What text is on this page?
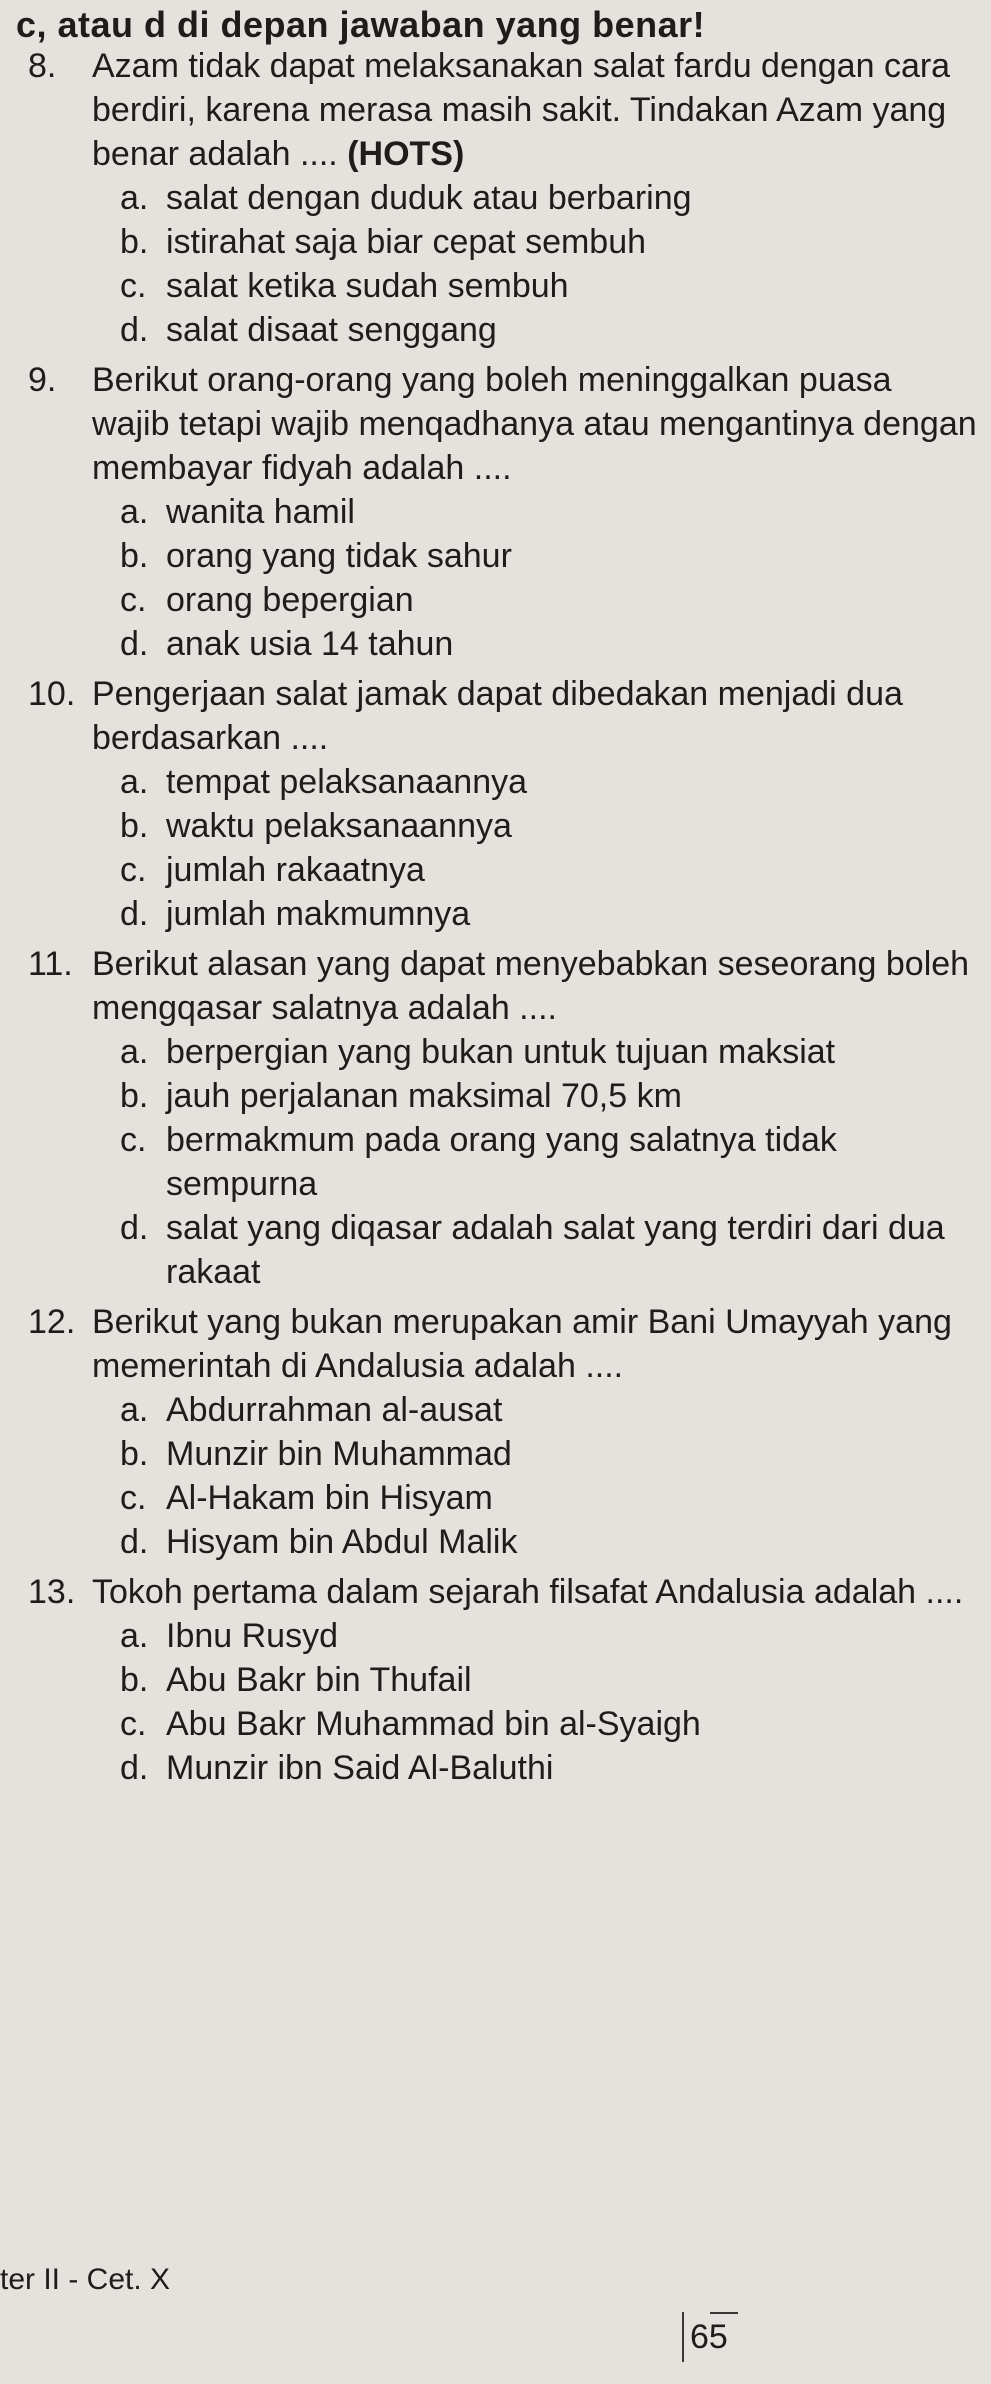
c, atau d di depan jawaban yang benar!
8.	Azam tidak dapat melaksanakan salat fardu dengan cara berdiri, karena merasa masih sakit. Tindakan Azam yang benar adalah .... (HOTS)
a. salat dengan duduk atau berbaring
b. istirahat saja biar cepat sembuh
c. salat ketika sudah sembuh
d. salat disaat senggang
9.	Berikut orang-orang yang boleh meninggalkan puasa wajib tetapi wajib menqadhanya atau mengantinya dengan membayar fidyah adalah ....
a. wanita hamil
b. orang yang tidak sahur
c. orang bepergian
d. anak usia 14 tahun
10. Pengerjaan salat jamak dapat dibedakan menjadi dua berdasarkan ....
a. tempat pelaksanaannya
b. waktu pelaksanaannya
c. jumlah rakaatnya
d. jumlah makmumnya
11. Berikut alasan yang dapat menyebabkan seseorang boleh mengqasar salatnya adalah ....
a. berpergian yang bukan untuk tujuan maksiat
b. jauh perjalanan maksimal 70,5 km
c. bermakmum pada orang yang salatnya tidak sempurna
d. salat yang diqasar adalah salat yang terdiri dari dua rakaat
12. Berikut yang bukan merupakan amir Bani Umayyah yang memerintah di Andalusia adalah ....
a. Abdurrahman al-ausat
b. Munzir bin Muhammad
c. Al-Hakam bin Hisyam
d. Hisyam bin Abdul Malik
13. Tokoh pertama dalam sejarah filsafat Andalusia adalah ....
a. Ibnu Rusyd
b. Abu Bakr bin Thufail
c. Abu Bakr Muhammad bin al-Syaigh
d. Munzir ibn Said Al-Baluthi
ter II - Cet. X
65
